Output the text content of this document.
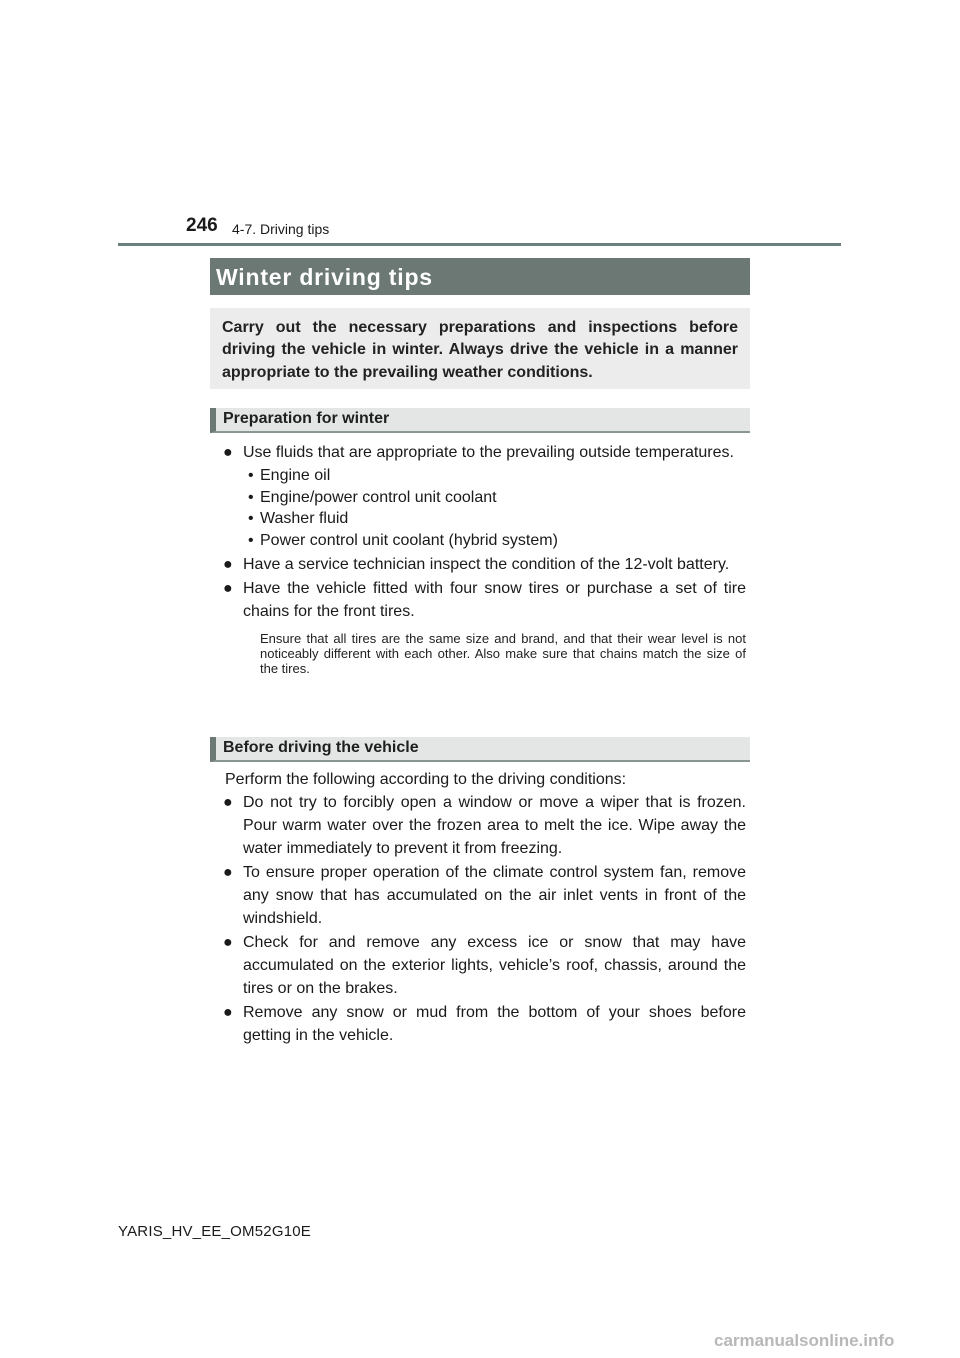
246 4-7. Driving tips
Winter driving tips
Carry out the necessary preparations and inspections before driving the vehicle in winter. Always drive the vehicle in a manner appropriate to the prevailing weather conditions.
Preparation for winter
● Use fluids that are appropriate to the prevailing outside temperatures.
• Engine oil
• Engine/power control unit coolant
• Washer fluid
• Power control unit coolant (hybrid system)
● Have a service technician inspect the condition of the 12-volt battery.
● Have the vehicle fitted with four snow tires or purchase a set of tire chains for the front tires.
Ensure that all tires are the same size and brand, and that their wear level is not noticeably different with each other. Also make sure that chains match the size of the tires.
Before driving the vehicle
Perform the following according to the driving conditions:
● Do not try to forcibly open a window or move a wiper that is frozen. Pour warm water over the frozen area to melt the ice. Wipe away the water immediately to prevent it from freezing.
● To ensure proper operation of the climate control system fan, remove any snow that has accumulated on the air inlet vents in front of the windshield.
● Check for and remove any excess ice or snow that may have accumulated on the exterior lights, vehicle’s roof, chassis, around the tires or on the brakes.
● Remove any snow or mud from the bottom of your shoes before getting in the vehicle.
YARIS_HV_EE_OM52G10E
carmanualsonline.info
